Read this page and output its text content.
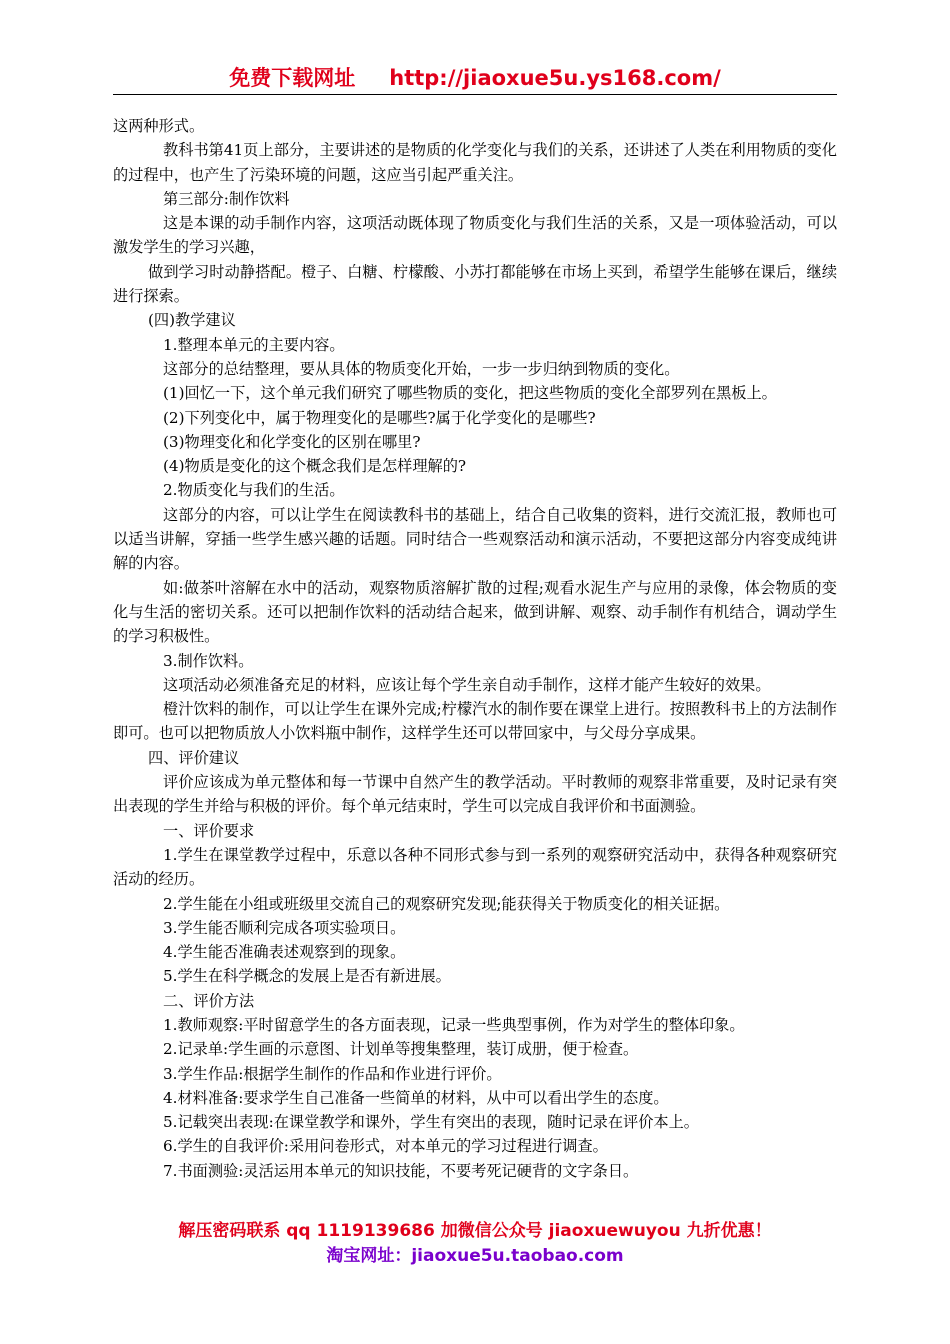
免费下载网址 http://jiaoxue5u.ys168.com/

这两种形式。

教科书第41页上部分，主要讲述的是物质的化学变化与我们的关系，还讲述了人类在利用物质的变化的过程中，也产生了污染环境的问题，这应当引起严重关注。

第三部分:制作饮料

这是本课的动手制作内容，这项活动既体现了物质变化与我们生活的关系，又是一项体验活动，可以激发学生的学习兴趣，

做到学习时动静搭配。橙子、白糖、柠檬酸、小苏打都能够在市场上买到，希望学生能够在课后，继续进行探索。

(四)教学建议

1.整理本单元的主要内容。

这部分的总结整理，要从具体的物质变化开始，一步一步归纳到物质的变化。

(1)回忆一下，这个单元我们研究了哪些物质的变化，把这些物质的变化全部罗列在黑板上。

(2)下列变化中，属于物理变化的是哪些?属于化学变化的是哪些?

(3)物理变化和化学变化的区别在哪里?

(4)物质是变化的这个概念我们是怎样理解的?

2.物质变化与我们的生活。

这部分的内容，可以让学生在阅读教科书的基础上，结合自己收集的资料，进行交流汇报，教师也可以适当讲解，穿插一些学生感兴趣的话题。同时结合一些观察活动和演示活动，不要把这部分内容变成纯讲解的内容。

如:做茶叶溶解在水中的活动，观察物质溶解扩散的过程;观看水泥生产与应用的录像，体会物质的变化与生活的密切关系。还可以把制作饮料的活动结合起来，做到讲解、观察、动手制作有机结合，调动学生的学习积极性。

3.制作饮料。

这项活动必须准备充足的材料，应该让每个学生亲自动手制作，这样才能产生较好的效果。

橙汁饮料的制作，可以让学生在课外完成;柠檬汽水的制作要在课堂上进行。按照教科书上的方法制作即可。也可以把物质放人小饮料瓶中制作，这样学生还可以带回家中，与父母分享成果。

四、评价建议

评价应该成为单元整体和每一节课中自然产生的教学活动。平时教师的观察非常重要，及时记录有突出表现的学生并给与积极的评价。每个单元结束时，学生可以完成自我评价和书面测验。

一、评价要求

1.学生在课堂教学过程中，乐意以各种不同形式参与到一系列的观察研究活动中，获得各种观察研究活动的经历。

2.学生能在小组或班级里交流自己的观察研究发现;能获得关于物质变化的相关证据。

3.学生能否顺利完成各项实验项日。

4.学生能否准确表述观察到的现象。

5.学生在科学概念的发展上是否有新进展。

二、评价方法

1.教师观察:平时留意学生的各方面表现，记录一些典型事例，作为对学生的整体印象。

2.记录单:学生画的示意图、计划单等搜集整理，装订成册，便于检查。

3.学生作品:根据学生制作的作品和作业进行评价。

4.材料准备:要求学生自己准备一些简单的材料，从中可以看出学生的态度。

5.记载突出表现:在课堂教学和课外，学生有突出的表现，随时记录在评价本上。

6.学生的自我评价:采用问卷形式，对本单元的学习过程进行调查。

7.书面测验:灵活运用本单元的知识技能，不要考死记硬背的文字条日。

解压密码联系 qq 1119139686 加微信公众号 jiaoxuewuyou 九折优惠！
淘宝网址：jiaoxue5u.taobao.com
